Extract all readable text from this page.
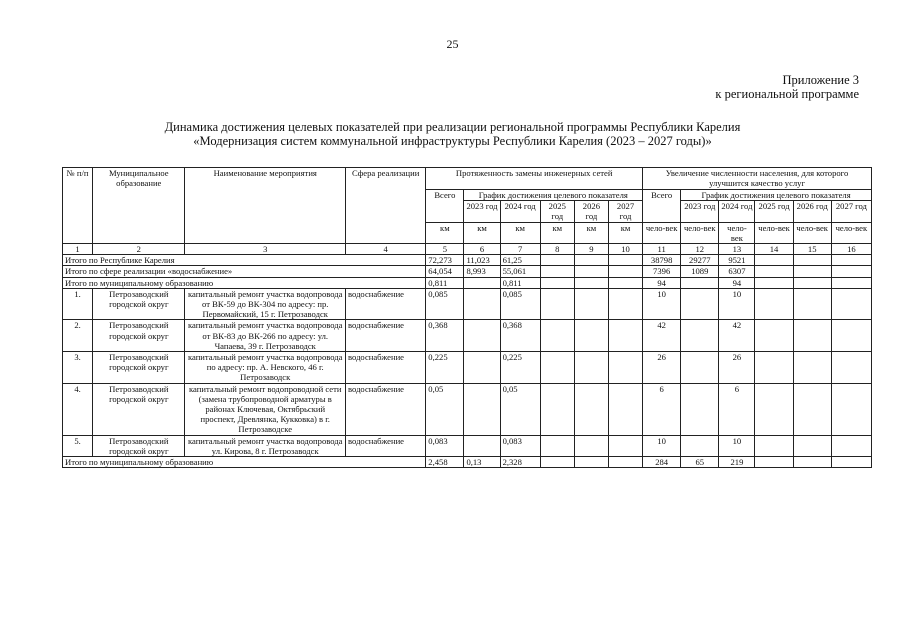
25
Приложение 3
к региональной программе
Динамика достижения целевых показателей при реализации региональной программы Республики Карелия
«Модернизация систем коммунальной инфраструктуры Республики Карелия (2023 – 2027 годы)»
№ п/п	Муниципальное образование	Наименование мероприятия	Сфера реализации	Протяженность замены инженерных сетей						Увеличение численности населения, для которого улучшится качество услуг					
				Всего	График достижения целевого показателя					Всего	График достижения целевого показателя				
					2023 год	2024 год	2025 год	2026 год	2027 год		2023 год	2024 год	2025 год	2026 год	2027 год
				км	км	км	км	км	км	чело-век	чело-век	чело-век	чело-век	чело-век	чело-век
1	2	3	4	5	6	7	8	9	10	11	12	13	14	15	16
Итого по Республике Карелия				72,273	11,023	61,25				38798	29277	9521			
Итого по сфере реализации «водоснабжение»				64,054	8,993	55,061				7396	1089	6307			
Итого по муниципальному образованию				0,811		0,811				94		94			
1.	Петрозаводский городской округ	капитальный ремонт участка водопровода от ВК-59 до ВК-304 по адресу: пр. Первомайский, 15 г. Петрозаводск	водоснабжение	0,085		0,085				10		10			
2.	Петрозаводский городской округ	капитальный ремонт участка водопровода от ВК-83 до ВК-266 по адресу: ул. Чапаева, 39 г. Петрозаводск	водоснабжение	0,368		0,368				42		42			
3.	Петрозаводский городской округ	капитальный ремонт участка водопровода по адресу: пр. А. Невского, 46 г. Петрозаводск	водоснабжение	0,225		0,225				26		26			
4.	Петрозаводский городской округ	капитальный ремонт водопроводной сети (замена трубопроводной арматуры в районах Ключевая, Октябрьский проспект, Древлянка, Кукковка) в г. Петрозаводске	водоснабжение	0,05		0,05				6		6			
5.	Петрозаводский городской округ	капитальный ремонт участка водопровода ул. Кирова, 8 г. Петрозаводск	водоснабжение	0,083		0,083				10		10			
Итого по муниципальному образованию				2,458	0,13	2,328				284	65	219			
